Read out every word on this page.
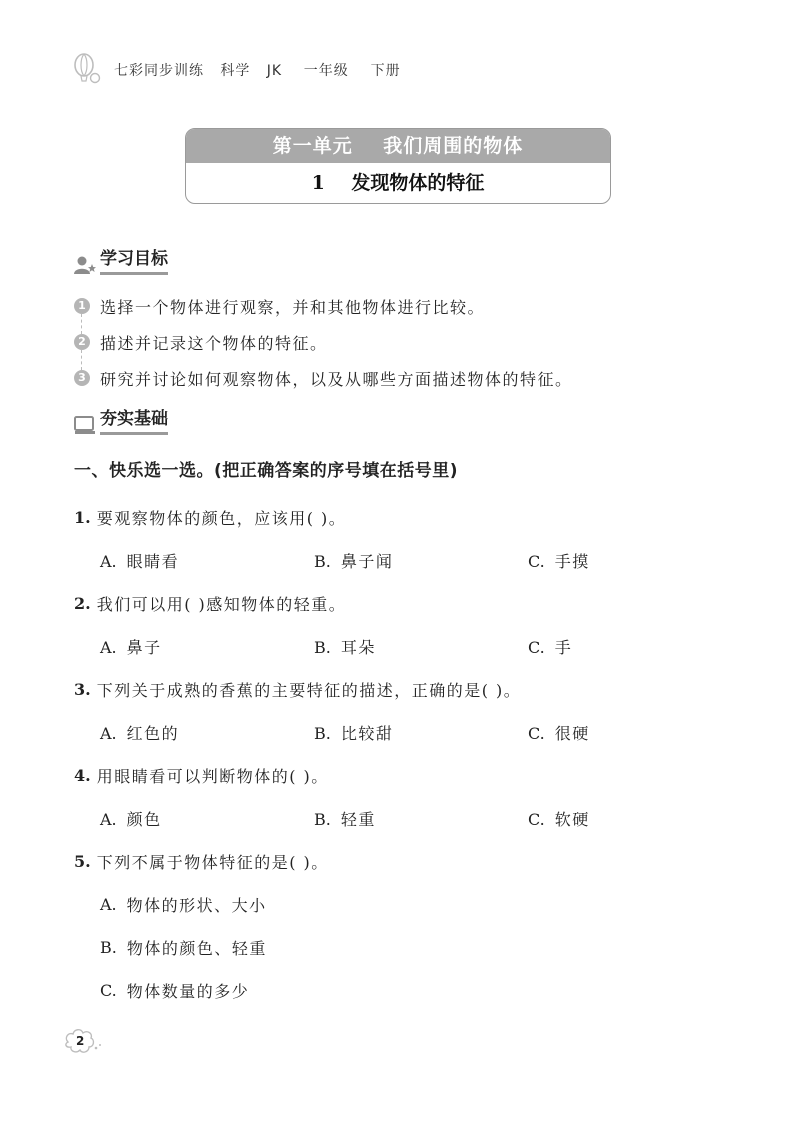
七彩同步训练   科学   JK    一年级    下册
第一单元    我们周围的物体
1    发现物体的特征
学习目标
1 选择一个物体进行观察，并和其他物体进行比较。
2 描述并记录这个物体的特征。
3 研究并讨论如何观察物体，以及从哪些方面描述物体的特征。
夯实基础
一、快乐选一选。(把正确答案的序号填在括号里)
1. 要观察物体的颜色，应该用( )。
A. 眼睛看	B. 鼻子闻	C. 手摸
2. 我们可以用( )感知物体的轻重。
A. 鼻子	B. 耳朵	C. 手
3. 下列关于成熟的香蕉的主要特征的描述，正确的是( )。
A. 红色的	B. 比较甜	C. 很硬
4. 用眼睛看可以判断物体的( )。
A. 颜色	B. 轻重	C. 软硬
5. 下列不属于物体特征的是( )。
A. 物体的形状、大小
B. 物体的颜色、轻重
C. 物体数量的多少
2
